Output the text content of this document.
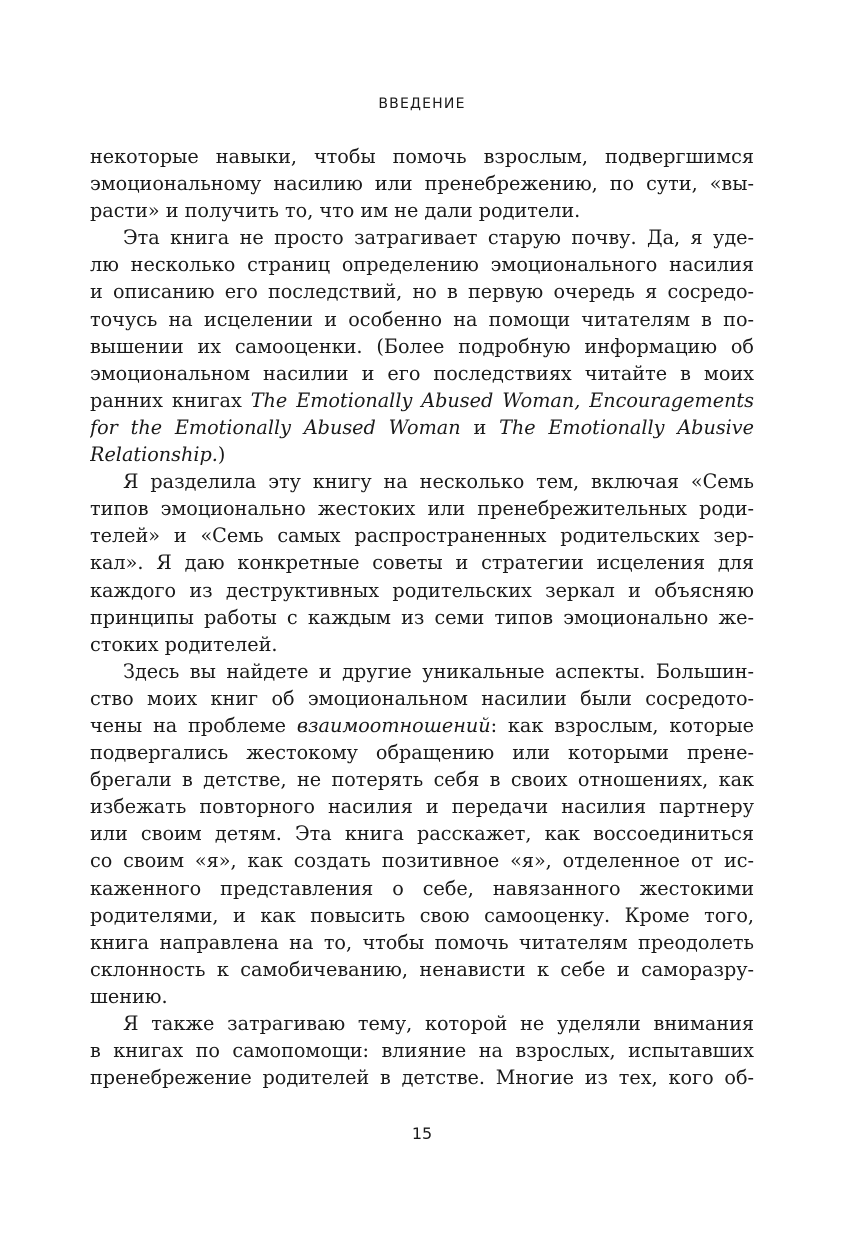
ВВЕДЕНИЕ
некоторые навыки, чтобы помочь взрослым, подвергшимся
эмоциональному насилию или пренебрежению, по сути, «вы-
расти» и получить то, что им не дали родители.
Эта книга не просто затрагивает старую почву. Да, я уде-
лю несколько страниц определению эмоционального насилия
и описанию его последствий, но в первую очередь я сосредо-
точусь на исцелении и особенно на помощи читателям в по-
вышении их самооценки. (Более подробную информацию об
эмоциональном насилии и его последствиях читайте в моих
ранних книгах The Emotionally Abused Woman, Encouragements
for the Emotionally Abused Woman и The Emotionally Abusive
Relationship.)
Я разделила эту книгу на несколько тем, включая «Семь
типов эмоционально жестоких или пренебрежительных роди-
телей» и «Семь самых распространенных родительских зер-
кал». Я даю конкретные советы и стратегии исцеления для
каждого из деструктивных родительских зеркал и объясняю
принципы работы с каждым из семи типов эмоционально же-
стоких родителей.
Здесь вы найдете и другие уникальные аспекты. Большин-
ство моих книг об эмоциональном насилии были сосредото-
чены на проблеме взаимоотношений: как взрослым, которые
подвергались жестокому обращению или которыми прене-
брегали в детстве, не потерять себя в своих отношениях, как
избежать повторного насилия и передачи насилия партнеру
или своим детям. Эта книга расскажет, как воссоединиться
со своим «я», как создать позитивное «я», отделенное от ис-
каженного представления о себе, навязанного жестокими
родителями, и как повысить свою самооценку. Кроме того,
книга направлена на то, чтобы помочь читателям преодолеть
склонность к самобичеванию, ненависти к себе и саморазру-
шению.
Я также затрагиваю тему, которой не уделяли внимания
в книгах по самопомощи: влияние на взрослых, испытавших
пренебрежение родителей в детстве. Многие из тех, кого об-
15
